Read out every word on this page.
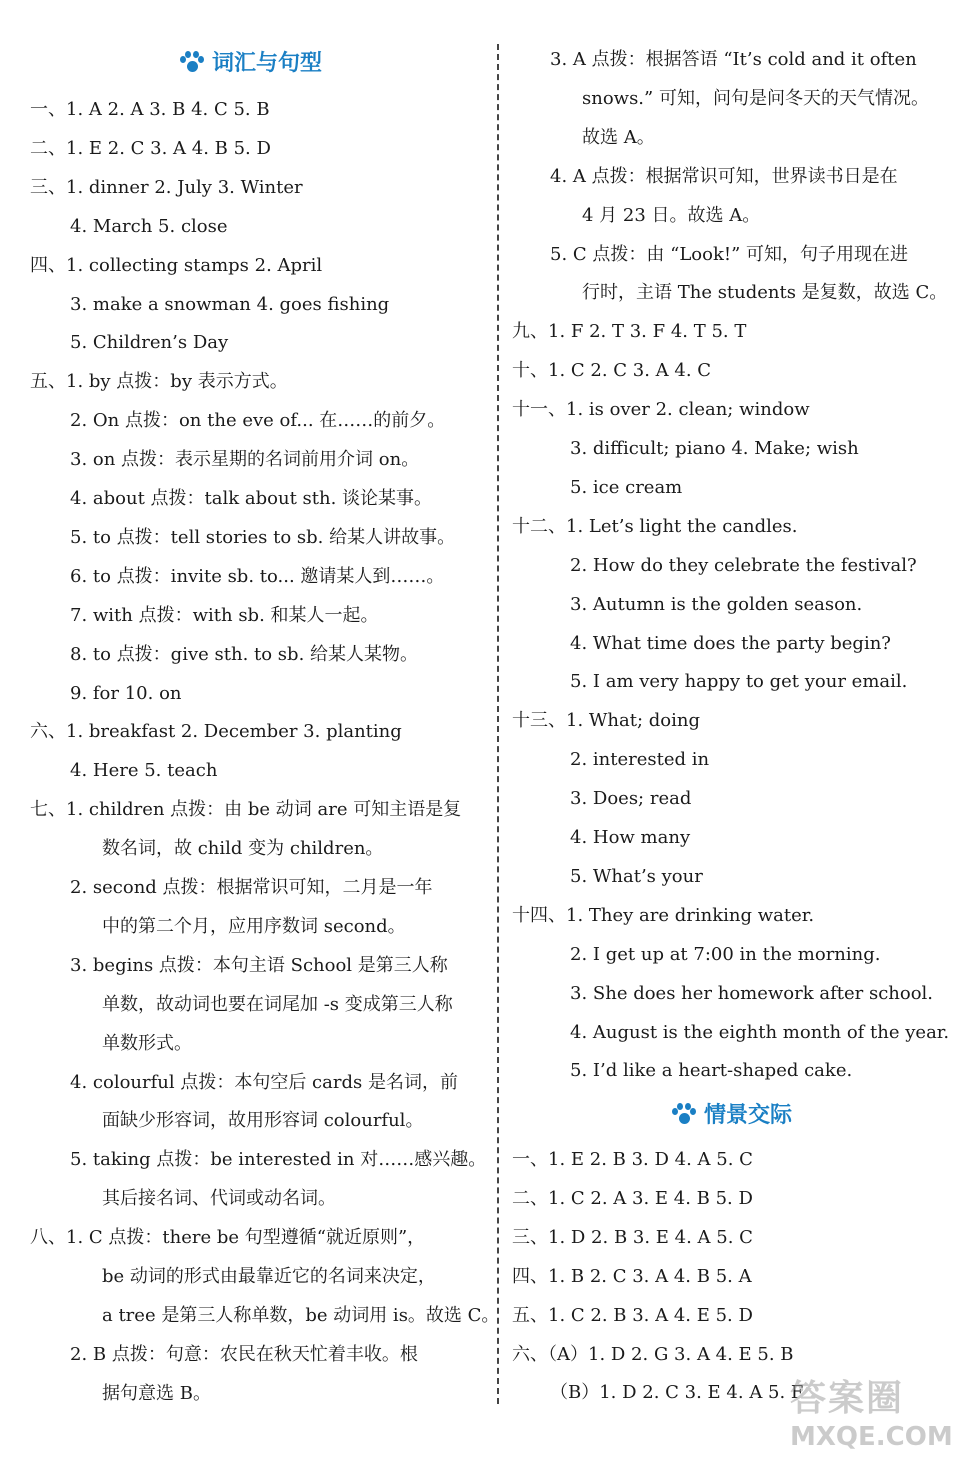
词汇与句型
一、1. A 2. A 3. B 4. C 5. B
二、1. E 2. C 3. A 4. B 5. D
三、1. dinner 2. July 3. Winter
4. March 5. close
四、1. collecting stamps 2. April
3. make a snowman 4. goes fishing
5. Children’s Day
五、1. by 点拨：by 表示方式。
2. On 点拨：on the eve of... 在……的前夕。
3. on 点拨：表示星期的名词前用介词 on。
4. about 点拨：talk about sth. 谈论某事。
5. to 点拨：tell stories to sb. 给某人讲故事。
6. to 点拨：invite sb. to... 邀请某人到……。
7. with 点拨：with sb. 和某人一起。
8. to 点拨：give sth. to sb. 给某人某物。
9. for 10. on
六、1. breakfast 2. December 3. planting
4. Here 5. teach
七、1. children 点拨：由 be 动词 are 可知主语是复
数名词，故 child 变为 children。
2. second 点拨：根据常识可知，二月是一年
中的第二个月，应用序数词 second。
3. begins 点拨：本句主语 School 是第三人称
单数，故动词也要在词尾加 -s 变成第三人称
单数形式。
4. colourful 点拨：本句空后 cards 是名词，前
面缺少形容词，故用形容词 colourful。
5. taking 点拨：be interested in 对……感兴趣。
其后接名词、代词或动名词。
八、1. C 点拨：there be 句型遵循“就近原则”，
be 动词的形式由最靠近它的名词来决定，
a tree 是第三人称单数，be 动词用 is。故选 C。
2. B 点拨：句意：农民在秋天忙着丰收。根
据句意选 B。
3. A 点拨：根据答语 “It’s cold and it often
snows.” 可知，问句是问冬天的天气情况。
故选 A。
4. A 点拨：根据常识可知，世界读书日是在
4 月 23 日。故选 A。
5. C 点拨：由 “Look!” 可知，句子用现在进
行时，主语 The students 是复数，故选 C。
九、1. F 2. T 3. F 4. T 5. T
十、1. C 2. C 3. A 4. C
十一、1. is over 2. clean; window
3. difficult; piano 4. Make; wish
5. ice cream
十二、1. Let’s light the candles.
2. How do they celebrate the festival?
3. Autumn is the golden season.
4. What time does the party begin?
5. I am very happy to get your email.
十三、1. What; doing
2. interested in
3. Does; read
4. How many
5. What’s your
十四、1. They are drinking water.
2. I get up at 7:00 in the morning.
3. She does her homework after school.
4. August is the eighth month of the year.
5. I’d like a heart-shaped cake.
情景交际
一、1. E 2. B 3. D 4. A 5. C
二、1. C 2. A 3. E 4. B 5. D
三、1. D 2. B 3. E 4. A 5. C
四、1. B 2. C 3. A 4. B 5. A
五、1. C 2. B 3. A 4. E 5. D
六、（A）1. D 2. G 3. A 4. E 5. B
（B）1. D 2. C 3. E 4. A 5. F
答案圈
MXQE.COM
